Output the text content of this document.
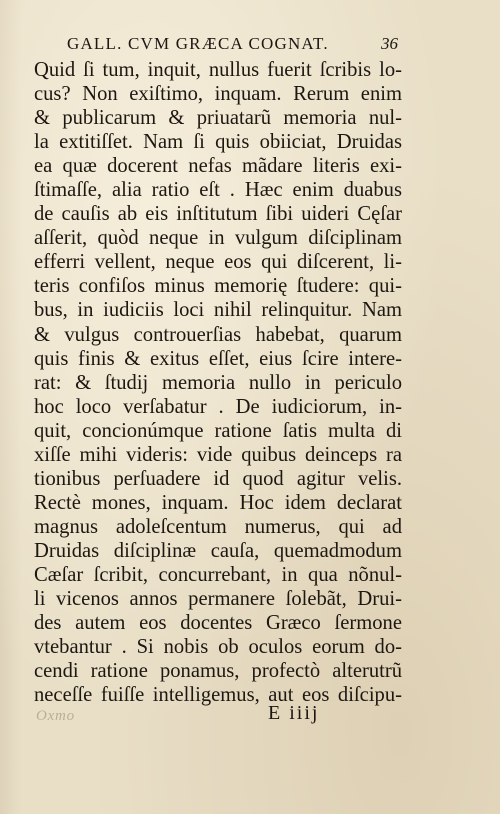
GALL. CVM GRÆCA COGNAT.	36
Quid ſi tum, inquit, nullus fuerit ſcribis lo-
cus? Non exiſtimo, inquam. Rerum enim
& publicarum & priuatarũ memoria nul-
la extitiſſet. Nam ſi quis obiiciat, Druidas
ea quæ docerent nefas mãdare literis exi-
ſtimaſſe, alia ratio eſt . Hæc enim duabus
de cauſis ab eis inſtitutum ſibi uideri Cęſar
aſſerit, quòd neque in vulgum diſciplinam
efferri vellent, neque eos qui diſcerent, li-
teris confiſos minus memorię ſtudere: qui-
bus, in iudiciis loci nihil relinquitur. Nam
& vulgus controuerſias habebat, quarum
quis finis & exitus eſſet, eius ſcire intere-
rat: & ſtudij memoria nullo in periculo
hoc loco verſabatur . De iudiciorum, in-
quit, concionúmque ratione ſatis multa di
xiſſe mihi videris: vide quibus deinceps ra
tionibus perſuadere id quod agitur velis.
Rectè mones, inquam. Hoc idem declarat
magnus adoleſcentum numerus, qui ad
Druidas diſciplinæ cauſa, quemadmodum
Cæſar ſcribit, concurrebant, in qua nõnul-
li vicenos annos permanere ſolebãt, Drui-
des autem eos docentes Græco ſermone
vtebantur . Si nobis ob oculos eorum do-
cendi ratione ponamus, profectò alterutrũ
neceſſe fuiſſe intelligemus, aut eos diſcipu-
Oxmo	E iiij
